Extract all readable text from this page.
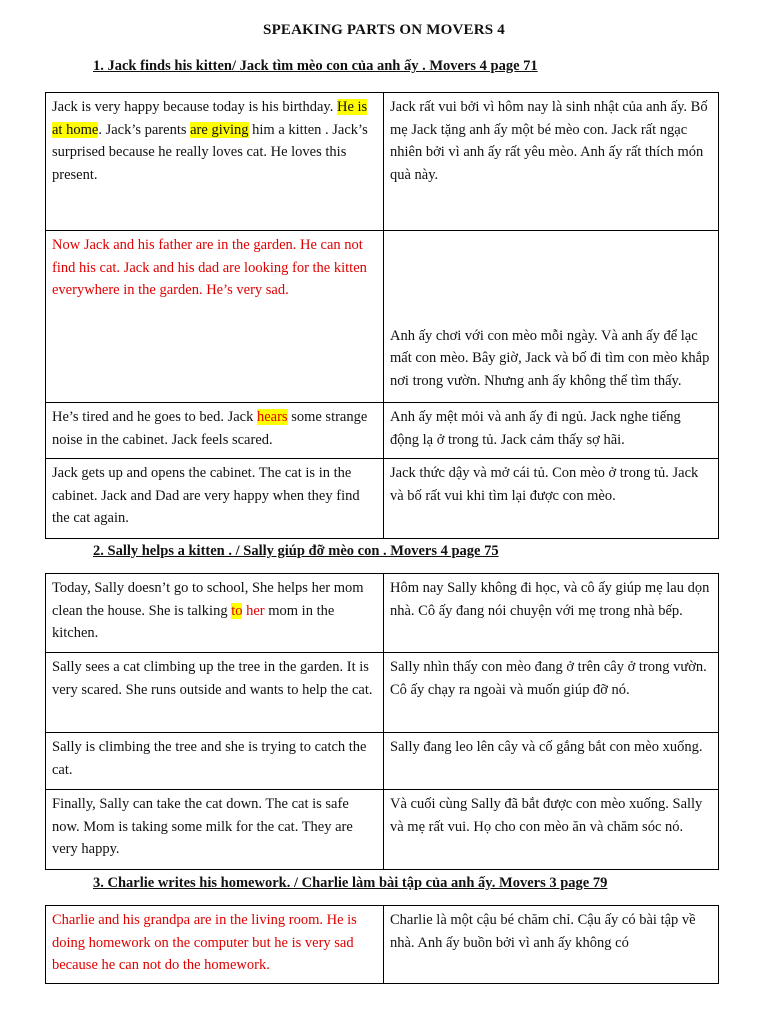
SPEAKING PARTS ON MOVERS 4
1. Jack finds his kitten/ Jack tìm mèo con của anh ấy . Movers 4 page 71
Jack is very happy because today is his birthday. He is at home. Jack’s parents are giving him a kitten . Jack’s surprised because he really loves cat. He loves this present.	Jack rất vui bởi vì hôm nay là sinh nhật của anh ấy. Bố mẹ Jack tặng anh ấy một bé mèo con. Jack rất ngạc nhiên bởi vì anh ấy rất yêu mèo. Anh ấy rất thích món quà này.
Now Jack and his father are in the garden. He can not find his cat. Jack and his dad are looking for the kitten everywhere in the garden. He’s very sad.	Anh ấy chơi với con mèo mỗi ngày. Và anh ấy để lạc mất con mèo. Bây giờ, Jack và bố đi tìm con mèo khắp nơi trong vườn. Nhưng anh ấy không thể tìm thấy.
He’s tired and he goes to bed. Jack hears some strange noise in the cabinet. Jack feels scared.	Anh ấy mệt mỏi và anh ấy đi ngủ. Jack nghe tiếng động lạ ở trong tủ. Jack cảm thấy sợ hãi.
Jack gets up and opens the cabinet. The cat is in the cabinet. Jack and Dad are very happy when they find the cat again.	Jack thức dậy và mở cái tủ. Con mèo ở trong tủ. Jack và bố rất vui khi tìm lại được con mèo.
2. Sally helps a kitten . / Sally giúp đỡ mèo con . Movers 4 page 75
Today, Sally doesn’t go to school, She helps her mom clean the house. She is talking to her mom in the kitchen.	Hôm nay Sally không đi học, và cô ấy giúp mẹ lau dọn nhà. Cô ấy đang nói chuyện với mẹ trong nhà bếp.
Sally sees a cat climbing up the tree in the garden. It is very scared. She runs outside and wants to help the cat.	Sally nhìn thấy con mèo đang ở trên cây ở trong vườn. Cô ấy chạy ra ngoài và muốn giúp đỡ nó.
Sally is climbing the tree and she is trying to catch the cat.	Sally đang leo lên cây và cố gắng bắt con mèo xuống.
Finally, Sally can take the cat down. The cat is safe now. Mom is taking some milk for the cat. They are very happy.	Và cuối cùng Sally đã bắt được con mèo xuống. Sally và mẹ rất vui. Họ cho con mèo ăn và chăm sóc nó.
3. Charlie writes his homework. / Charlie làm bài tập của anh ấy. Movers 3 page 79
Charlie and his grandpa are in the living room. He is doing homework on the computer but he is very sad because he can not do the homework.	Charlie là một cậu bé chăm chỉ. Cậu ấy có bài tập về nhà. Anh ấy buồn bởi vì anh ấy không có
